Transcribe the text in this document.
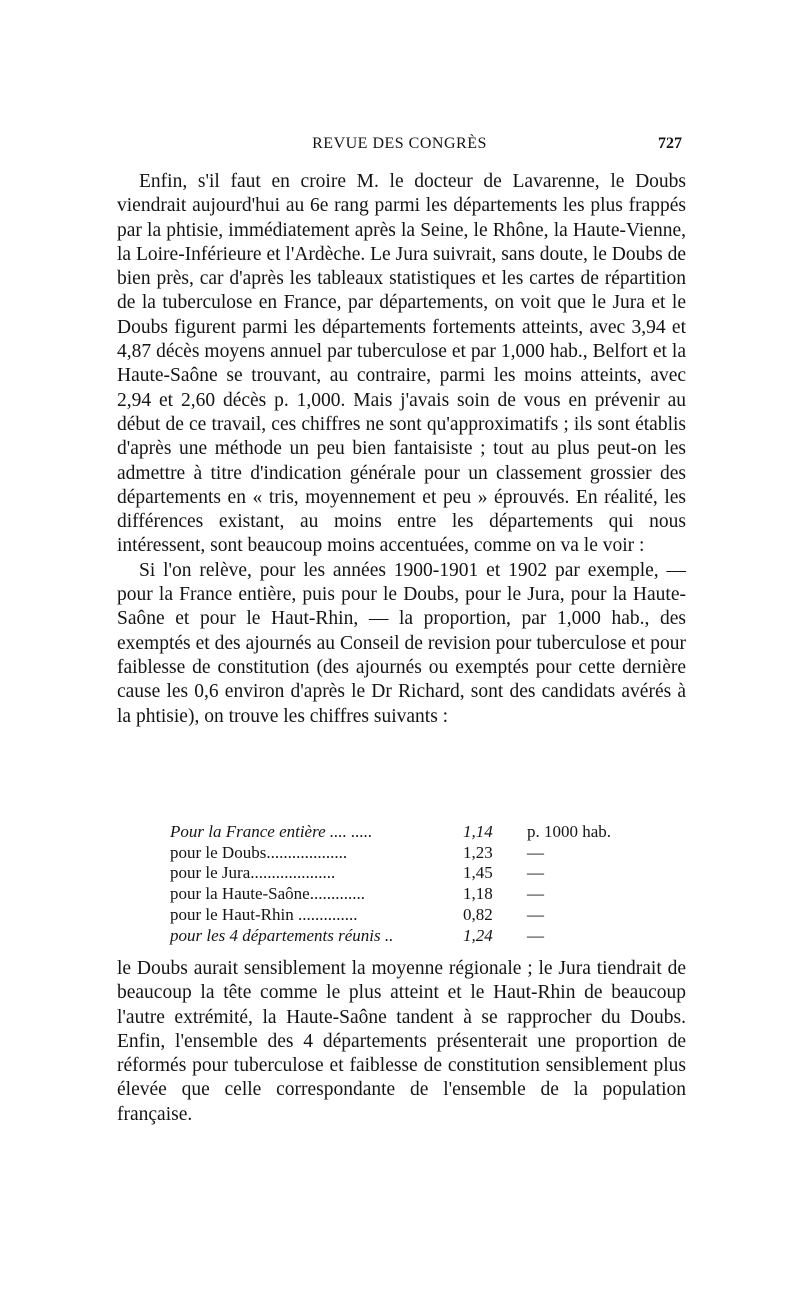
REVUE DES CONGRÈS	727

Enfin, s'il faut en croire M. le docteur de Lavarenne, le Doubs viendrait aujourd'hui au 6e rang parmi les départements les plus frappés par la phtisie, immédiatement après la Seine, le Rhône, la Haute-Vienne, la Loire-Inférieure et l'Ardèche. Le Jura suivrait, sans doute, le Doubs de bien près, car d'après les tableaux statistiques et les cartes de répartition de la tuberculose en France, par départements, on voit que le Jura et le Doubs figurent parmi les départements fortements atteints, avec 3,94 et 4,87 décès moyens annuel par tuberculose et par 1,000 hab., Belfort et la Haute-Saône se trouvant, au contraire, parmi les moins atteints, avec 2,94 et 2,60 décès p. 1,000. Mais j'avais soin de vous en prévenir au début de ce travail, ces chiffres ne sont qu'approximatifs ; ils sont établis d'après une méthode un peu bien fantaisiste ; tout au plus peut-on les admettre à titre d'indication générale pour un classement grossier des départements en « tris, moyennement et peu » éprouvés. En réalité, les différences existant, au moins entre les départements qui nous intéressent, sont beaucoup moins accentuées, comme on va le voir :

Si l'on relève, pour les années 1900-1901 et 1902 par exemple, — pour la France entière, puis pour le Doubs, pour le Jura, pour la Haute-Saône et pour le Haut-Rhin, — la proportion, par 1,000 hab., des exemptés et des ajournés au Conseil de revision pour tuberculose et pour faiblesse de constitution (des ajournés ou exemptés pour cette dernière cause les 0,6 environ d'après le Dr Richard, sont des candidats avérés à la phtisie), on trouve les chiffres suivants :

Pour la France entière .... .....	1,14	p. 1000 hab.
pour le Doubs...................	1,23	—
pour le Jura....................	1,45	—
pour la Haute-Saône.............	1,18	—
pour le Haut-Rhin ..............	0,82	—
pour les 4 départements réunis ..	1,24	—

le Doubs aurait sensiblement la moyenne régionale ; le Jura tiendrait de beaucoup la tête comme le plus atteint et le Haut-Rhin de beaucoup l'autre extrémité, la Haute-Saône tandent à se rapprocher du Doubs. Enfin, l'ensemble des 4 départements présenterait une proportion de réformés pour tuberculose et faiblesse de constitution sensiblement plus élevée que celle correspondante de l'ensemble de la population française.
